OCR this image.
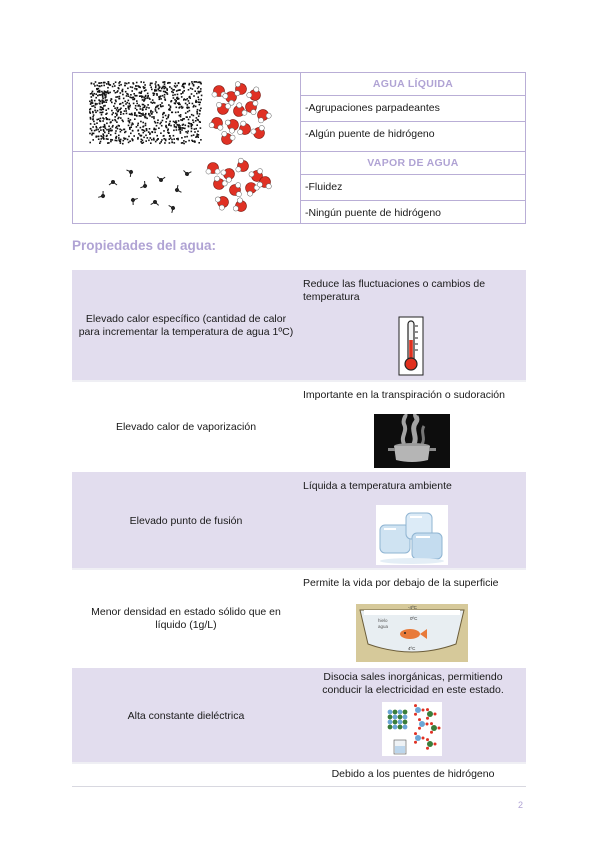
AGUA LÍQUIDA
-Agrupaciones parpadeantes
-Algún puente de hidrógeno
VAPOR DE AGUA
-Fluidez
-Ningún puente de hidrógeno
Propiedades del agua:
Elevado calor específico (cantidad de calor para incrementar la temperatura de agua 1ºC)
Reduce las fluctuaciones o cambios de temperatura
Elevado calor de vaporización
Importante en la transpiración o sudoración
Elevado punto de fusión
Líquida a temperatura ambiente
Menor densidad en estado sólido que en líquido (1g/L)
Permite la vida por debajo de la superficie
-4ºC
0ºC
4ºC
hielo
agua
Alta constante dieléctrica
Disocia sales inorgánicas, permitiendo conducir la electricidad en este estado.
Debido a los puentes de hidrógeno
2
